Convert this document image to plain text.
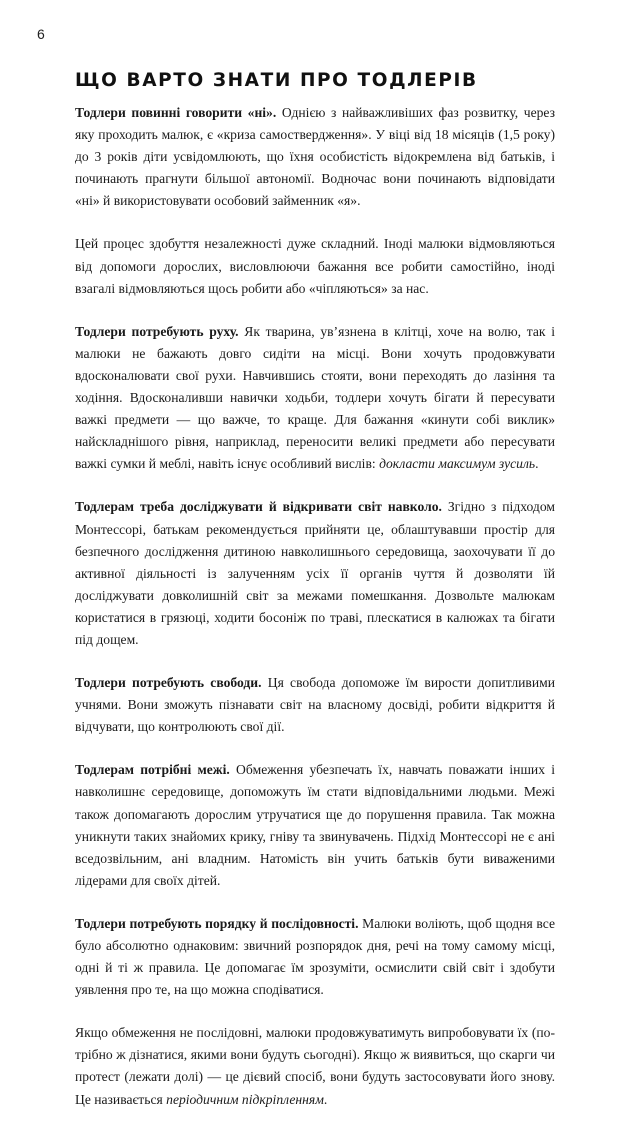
6
ЩО ВАРТО ЗНАТИ ПРО ТОДЛЕРІВ

Тодлери повинні говорити «ні». Однією з найважливіших фаз розвитку, через яку проходить малюк, є «криза самоствердження». У віці від 18 місяців (1,5 року) до 3 років діти усвідомлюють, що їхня особистість відокремлена від батьків, і починають прагнути більшої автономії. Водночас вони починають відповідати «ні» й використовувати особовий займенник «я».

Цей процес здобуття незалежності дуже складний. Іноді малюки відмовляються від допомоги дорослих, висловлюючи бажання все робити самостійно, іноді взагалі відмовляються щось робити або «чіпляються» за нас.

Тодлери потребують руху. Як тварина, ув’язнена в клітці, хоче на волю, так і малюки не бажають довго сидіти на місці. Вони хочуть продовжувати вдосконалювати свої рухи. Навчившись стояти, вони переходять до лазіння та ходіння. Вдосконаливши навички ходьби, тодлери хочуть бігати й пересувати важкі предмети — що важче, то краще. Для бажання «кинути собі виклик» найскладнішого рівня, наприклад, переносити великі предмети або пересувати важкі сумки й меблі, навіть існує особливий вислів: докласти максимум зусиль.

Тодлерам треба досліджувати й відкривати світ навколо. Згідно з підходом Монтессорі, батькам рекомендується прийняти це, облаштувавши простір для безпечного дослідження дитиною навколишнього середовища, заохочувати її до активної діяльності із залученням усіх її органів чуття й дозволяти їй досліджувати довколишній світ за межами помешкання. Дозвольте малюкам користатися в грязюці, ходити босоніж по траві, плескатися в калюжах та бігати під дощем.

Тодлери потребують свободи. Ця свобода допоможе їм вирости допитливими учнями. Вони зможуть пізнавати світ на власному досвіді, робити відкриття й відчувати, що контролюють свої дії.

Тодлерам потрібні межі. Обмеження убезпечать їх, навчать поважати інших і навколишнє середовище, допоможуть їм стати відповідальними людьми. Межі також допомагають дорослим утручатися ще до порушення правила. Так можна уникнути таких знайомих крику, гніву та звинувачень. Підхід Монтессорі не є ані вседозвільним, ані владним. Натомість він учить батьків бути виваженими лідерами для своїх дітей.

Тодлери потребують порядку й послідовності. Малюки воліють, щоб щодня все було абсолютно однаковим: звичний розпорядок дня, речі на тому самому місці, одні й ті ж правила. Це допомагає їм зрозуміти, осмислити свій світ і здобути уявлення про те, на що можна сподіватися.

Якщо обмеження не послідовні, малюки продовжуватимуть випробовувати їх (потрібно ж дізнатися, якими вони будуть сьогодні). Якщо ж виявиться, що скарги чи протест (лежати долі) — це дієвий спосіб, вони будуть застосовувати його знову. Це називається періодичним підкріпленням.
